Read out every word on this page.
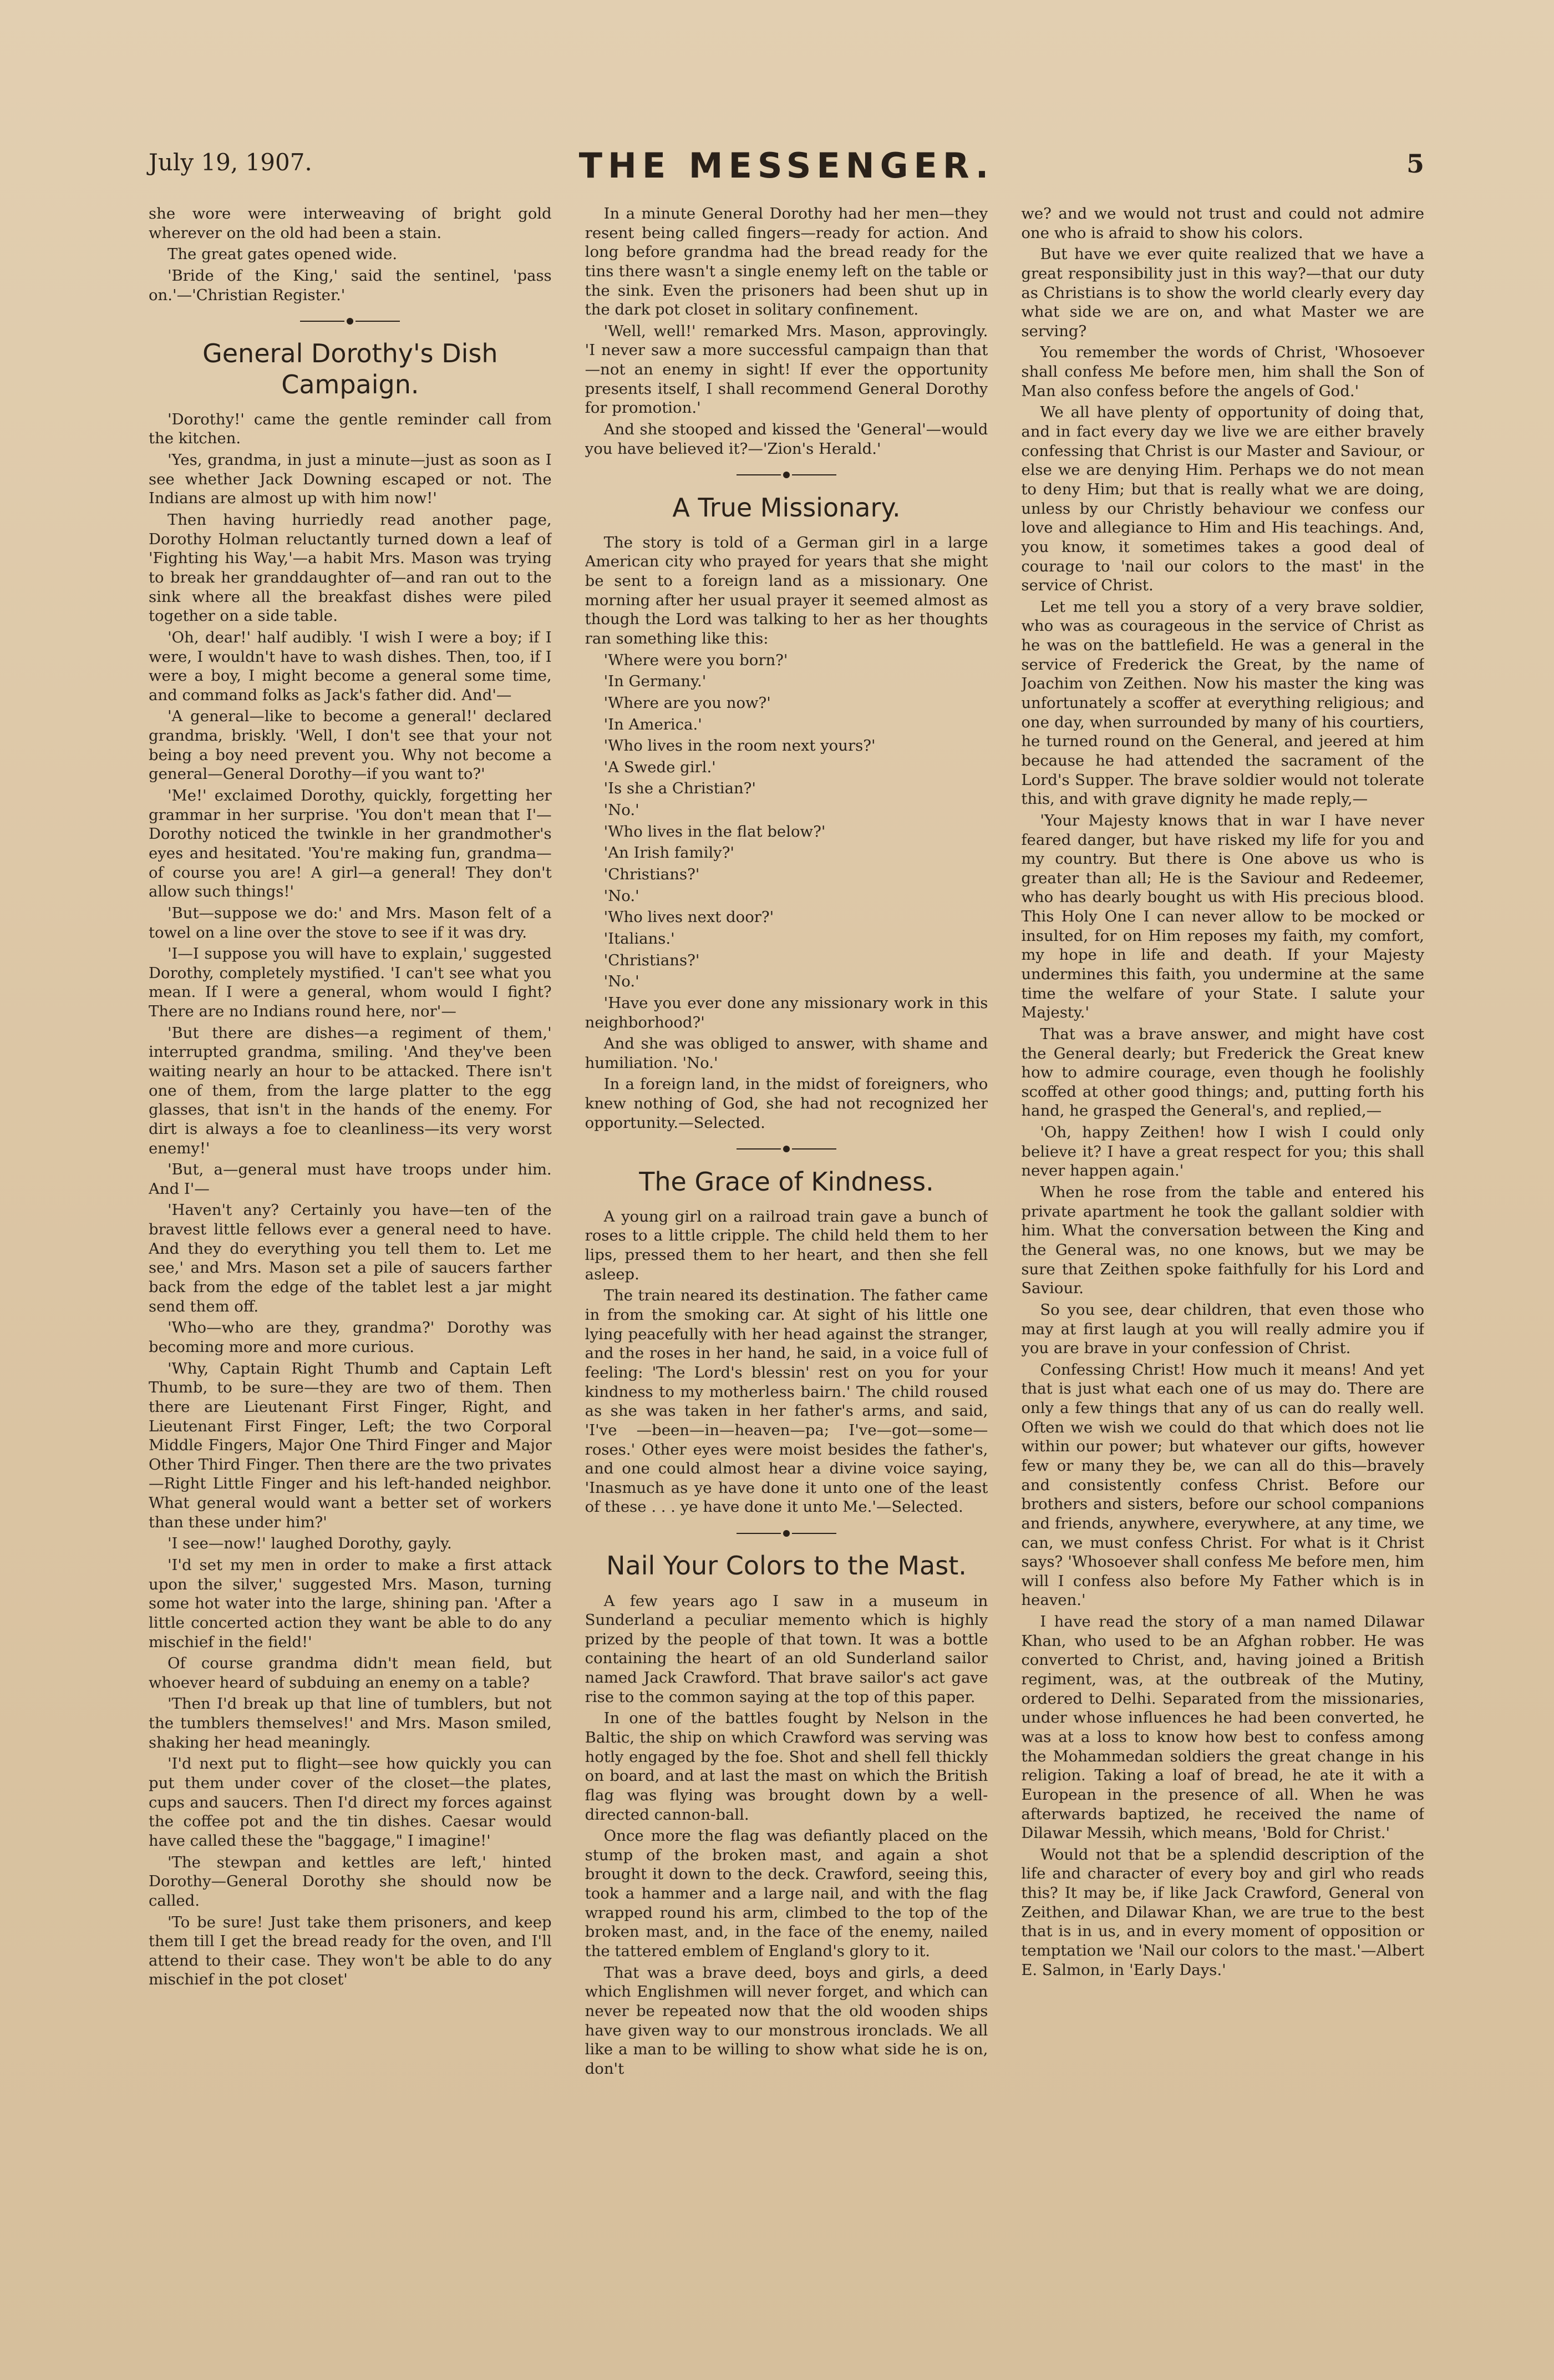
July 19, 1907.	THE MESSENGER.	5

she wore were interweaving of bright gold wherever on the old had been a stain.

The great gates opened wide.

'Bride of the King,' said the sentinel, 'pass on.'—'Christian Register.'

General Dorothy's Dish Campaign.

'Dorothy!' came the gentle reminder call from the kitchen.

'Yes, grandma, in just a minute—just as soon as I see whether Jack Downing escaped or not. The Indians are almost up with him now!'

Then having hurriedly read another page, Dorothy Holman reluctantly turned down a leaf of 'Fighting his Way,'—a habit Mrs. Mason was trying to break her granddaughter of—and ran out to the sink where all the breakfast dishes were piled together on a side table.

'Oh, dear!' half audibly. 'I wish I were a boy; if I were, I wouldn't have to wash dishes. Then, too, if I were a boy, I might become a general some time, and command folks as Jack's father did. And'—

'A general—like to become a general!' declared grandma, briskly. 'Well, I don't see that your not being a boy need prevent you. Why not become a general—General Dorothy—if you want to?'

'Me!' exclaimed Dorothy, quickly, forgetting her grammar in her surprise. 'You don't mean that I'—Dorothy noticed the twinkle in her grandmother's eyes and hesitated. 'You're making fun, grandma—of course you are! A girl—a general! They don't allow such things!'

'But—suppose we do:' and Mrs. Mason felt of a towel on a line over the stove to see if it was dry.

'I—I suppose you will have to explain,' suggested Dorothy, completely mystified. 'I can't see what you mean. If I were a general, whom would I fight? There are no Indians round here, nor'—

'But there are dishes—a regiment of them,' interrupted grandma, smiling. 'And they've been waiting nearly an hour to be attacked. There isn't one of them, from the large platter to the egg glasses, that isn't in the hands of the enemy. For dirt is always a foe to cleanliness—its very worst enemy!'

'But, a—general must have troops under him. And I'—

'Haven't any? Certainly you have—ten of the bravest little fellows ever a general need to have. And they do everything you tell them to. Let me see,' and Mrs. Mason set a pile of saucers farther back from the edge of the tablet lest a jar might send them off.

'Who—who are they, grandma?' Dorothy was becoming more and more curious.

'Why, Captain Right Thumb and Captain Left Thumb, to be sure—they are two of them. Then there are Lieutenant First Finger, Right, and Lieutenant First Finger, Left; the two Corporal Middle Fingers, Major One Third Finger and Major Other Third Finger. Then there are the two privates—Right Little Finger and his left-handed neighbor. What general would want a better set of workers than these under him?'

'I see—now!' laughed Dorothy, gayly.

'I'd set my men in order to make a first attack upon the silver,' suggested Mrs. Mason, turning some hot water into the large, shining pan. 'After a little concerted action they want be able to do any mischief in the field!'

Of course grandma didn't mean field, but whoever heard of subduing an enemy on a table?

'Then I'd break up that line of tumblers, but not the tumblers themselves!' and Mrs. Mason smiled, shaking her head meaningly.

'I'd next put to flight—see how quickly you can put them under cover of the closet—the plates, cups and saucers. Then I'd direct my forces against the coffee pot and the tin dishes. Caesar would have called these the "baggage," I imagine!'

'The stewpan and kettles are left,' hinted Dorothy—General Dorothy she should now be called.

'To be sure! Just take them prisoners, and keep them till I get the bread ready for the oven, and I'll attend to their case. They won't be able to do any mischief in the pot closet'

In a minute General Dorothy had her men—they resent being called fingers—ready for action. And long before grandma had the bread ready for the tins there wasn't a single enemy left on the table or the sink. Even the prisoners had been shut up in the dark pot closet in solitary confinement.

'Well, well!' remarked Mrs. Mason, approvingly. 'I never saw a more successful campaign than that—not an enemy in sight! If ever the opportunity presents itself, I shall recommend General Dorothy for promotion.'

And she stooped and kissed the 'General'—would you have believed it?—'Zion's Herald.'

A True Missionary.

The story is told of a German girl in a large American city who prayed for years that she might be sent to a foreign land as a missionary. One morning after her usual prayer it seemed almost as though the Lord was talking to her as her thoughts ran something like this:

'Where were you born?'

'In Germany.'

'Where are you now?'

'In America.'

'Who lives in the room next yours?'

'A Swede girl.'

'Is she a Christian?'

'No.'

'Who lives in the flat below?'

'An Irish family?'

'Christians?'

'No.'

'Who lives next door?'

'Italians.'

'Christians?'

'No.'

'Have you ever done any missionary work in this neighborhood?'

And she was obliged to answer, with shame and humiliation. 'No.'

In a foreign land, in the midst of foreigners, who knew nothing of God, she had not recognized her opportunity.—Selected.

The Grace of Kindness.

A young girl on a railroad train gave a bunch of roses to a little cripple. The child held them to her lips, pressed them to her heart, and then she fell asleep.

The train neared its destination. The father came in from the smoking car. At sight of his little one lying peacefully with her head against the stranger, and the roses in her hand, he said, in a voice full of feeling: 'The Lord's blessin' rest on you for your kindness to my motherless bairn.' The child roused as she was taken in her father's arms, and said, 'I've —been—in—heaven—pa; I've—got—some—roses.' Other eyes were moist besides the father's, and one could almost hear a divine voice saying, 'Inasmuch as ye have done it unto one of the least of these . . . ye have done it unto Me.'—Selected.

Nail Your Colors to the Mast.

A few years ago I saw in a museum in Sunderland a peculiar memento which is highly prized by the people of that town. It was a bottle containing the heart of an old Sunderland sailor named Jack Crawford. That brave sailor's act gave rise to the common saying at the top of this paper.

In one of the battles fought by Nelson in the Baltic, the ship on which Crawford was serving was hotly engaged by the foe. Shot and shell fell thickly on board, and at last the mast on which the British flag was flying was brought down by a well-directed cannon-ball.

Once more the flag was defiantly placed on the stump of the broken mast, and again a shot brought it down to the deck. Crawford, seeing this, took a hammer and a large nail, and with the flag wrapped round his arm, climbed to the top of the broken mast, and, in the face of the enemy, nailed the tattered emblem of England's glory to it.

That was a brave deed, boys and girls, a deed which Englishmen will never forget, and which can never be repeated now that the old wooden ships have given way to our monstrous ironclads. We all like a man to be willing to show what side he is on, don't

we? and we would not trust and could not admire one who is afraid to show his colors.

But have we ever quite realized that we have a great responsibility just in this way?—that our duty as Christians is to show the world clearly every day what side we are on, and what Master we are serving?

You remember the words of Christ, 'Whosoever shall confess Me before men, him shall the Son of Man also confess before the angels of God.'

We all have plenty of opportunity of doing that, and in fact every day we live we are either bravely confessing that Christ is our Master and Saviour, or else we are denying Him. Perhaps we do not mean to deny Him; but that is really what we are doing, unless by our Christly behaviour we confess our love and allegiance to Him and His teachings. And, you know, it sometimes takes a good deal of courage to 'nail our colors to the mast' in the service of Christ.

Let me tell you a story of a very brave soldier, who was as courageous in the service of Christ as he was on the battlefield. He was a general in the service of Frederick the Great, by the name of Joachim von Zeithen. Now his master the king was unfortunately a scoffer at everything religious; and one day, when surrounded by many of his courtiers, he turned round on the General, and jeered at him because he had attended the sacrament of the Lord's Supper. The brave soldier would not tolerate this, and with grave dignity he made reply,—

'Your Majesty knows that in war I have never feared danger, but have risked my life for you and my country. But there is One above us who is greater than all; He is the Saviour and Redeemer, who has dearly bought us with His precious blood. This Holy One I can never allow to be mocked or insulted, for on Him reposes my faith, my comfort, my hope in life and death. If your Majesty undermines this faith, you undermine at the same time the welfare of your State. I salute your Majesty.'

That was a brave answer, and might have cost the General dearly; but Frederick the Great knew how to admire courage, even though he foolishly scoffed at other good things; and, putting forth his hand, he grasped the General's, and replied,—

'Oh, happy Zeithen! how I wish I could only believe it? I have a great respect for you; this shall never happen again.'

When he rose from the table and entered his private apartment he took the gallant soldier with him. What the conversation between the King and the General was, no one knows, but we may be sure that Zeithen spoke faithfully for his Lord and Saviour.

So you see, dear children, that even those who may at first laugh at you will really admire you if you are brave in your confession of Christ.

Confessing Christ! How much it means! And yet that is just what each one of us may do. There are only a few things that any of us can do really well. Often we wish we could do that which does not lie within our power; but whatever our gifts, however few or many they be, we can all do this—bravely and consistently confess Christ. Before our brothers and sisters, before our school companions and friends, anywhere, everywhere, at any time, we can, we must confess Christ. For what is it Christ says? 'Whosoever shall confess Me before men, him will I confess also before My Father which is in heaven.'

I have read the story of a man named Dilawar Khan, who used to be an Afghan robber. He was converted to Christ, and, having joined a British regiment, was, at the outbreak of the Mutiny, ordered to Delhi. Separated from the missionaries, under whose influences he had been converted, he was at a loss to know how best to confess among the Mohammedan soldiers the great change in his religion. Taking a loaf of bread, he ate it with a European in the presence of all. When he was afterwards baptized, he received the name of Dilawar Messih, which means, 'Bold for Christ.'

Would not that be a splendid description of the life and character of every boy and girl who reads this? It may be, if like Jack Crawford, General von Zeithen, and Dilawar Khan, we are true to the best that is in us, and in every moment of opposition or temptation we 'Nail our colors to the mast.'—Albert E. Salmon, in 'Early Days.'
